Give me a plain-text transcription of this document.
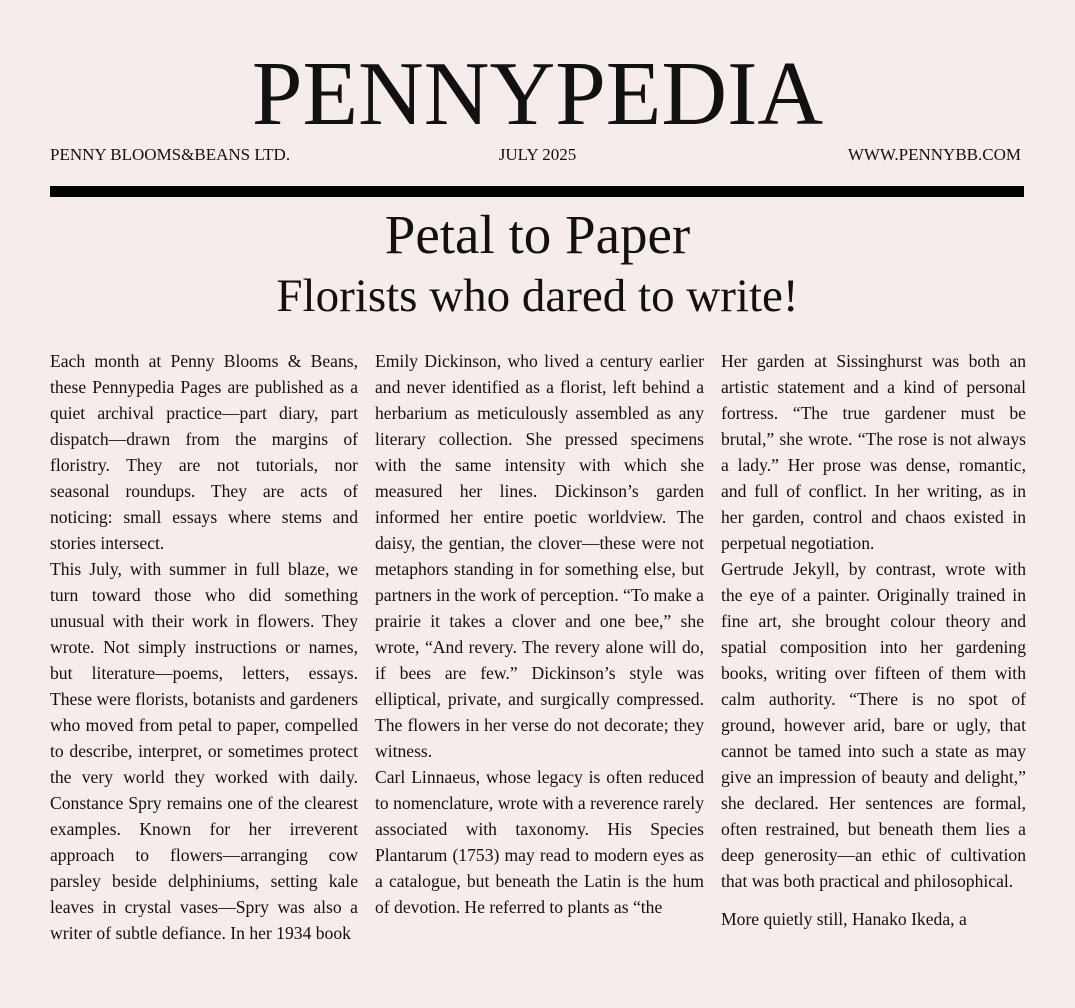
PENNYPEDIA
PENNY BLOOMS&BEANS LTD.	JULY 2025	WWW.PENNYBB.COM
Petal to Paper
Florists who dared to write!

Each month at Penny Blooms & Beans, these Pennypedia Pages are published as a quiet archival practice—part diary, part dispatch—drawn from the margins of floristry. They are not tutorials, nor seasonal roundups. They are acts of noticing: small essays where stems and stories intersect.

This July, with summer in full blaze, we turn toward those who did something unusual with their work in flowers. They wrote. Not simply instructions or names, but literature—poems, letters, essays. These were florists, botanists and gardeners who moved from petal to paper, compelled to describe, interpret, or sometimes protect the very world they worked with daily. Constance Spry remains one of the clearest examples. Known for her irreverent approach to flowers—arranging cow parsley beside delphiniums, setting kale leaves in crystal vases—Spry was also a writer of subtle defiance. In her 1934 book

Emily Dickinson, who lived a century earlier and never identified as a florist, left behind a herbarium as meticulously assembled as any literary collection. She pressed specimens with the same intensity with which she measured her lines. Dickinson’s garden informed her entire poetic worldview. The daisy, the gentian, the clover—these were not metaphors standing in for something else, but partners in the work of perception. “To make a prairie it takes a clover and one bee,” she wrote, “And revery. The revery alone will do, if bees are few.” Dickinson’s style was elliptical, private, and surgically compressed. The flowers in her verse do not decorate; they witness.

Carl Linnaeus, whose legacy is often reduced to nomenclature, wrote with a reverence rarely associated with taxonomy. His Species Plantarum (1753) may read to modern eyes as a catalogue, but beneath the Latin is the hum of devotion. He referred to plants as “the

Her garden at Sissinghurst was both an artistic statement and a kind of personal fortress. “The true gardener must be brutal,” she wrote. “The rose is not always a lady.” Her prose was dense, romantic, and full of conflict. In her writing, as in her garden, control and chaos existed in perpetual negotiation.

Gertrude Jekyll, by contrast, wrote with the eye of a painter. Originally trained in fine art, she brought colour theory and spatial composition into her gardening books, writing over fifteen of them with calm authority. “There is no spot of ground, however arid, bare or ugly, that cannot be tamed into such a state as may give an impression of beauty and delight,” she declared. Her sentences are formal, often restrained, but beneath them lies a deep generosity—an ethic of cultivation that was both practical and philosophical.

More quietly still, Hanako Ikeda, a
